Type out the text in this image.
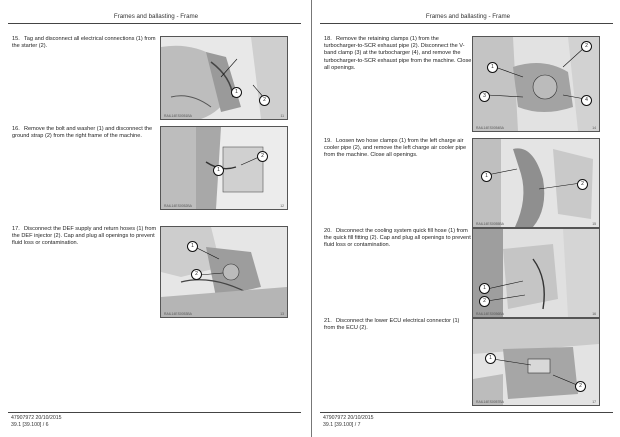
Frames and ballasting - Frame
15. Tag and disconnect all electrical connections (1) from the starter (2).
1
2
RAIL14ES0051BA	11
16. Remove the bolt and washer (1) and disconnect the ground strap (2) from the right frame of the machine.
1
2
RAIL14ES0052BA	12
17. Disconnect the DEF supply and return hoses (1) from the DEF injector (2). Cap and plug all openings to prevent fluid loss or contamination.	1
2
RAIL14ES0053BA	13
47907972 20/10/2015
39.1 [39.100] / 6
Frames and ballasting - Frame
18. Remove the retaining clamps (1) from the turbocharger-to-SCR exhaust pipe (2). Disconnect the V-band clamp (3) at the turbocharger (4), and remove the turbocharger-to-SCR exhaust pipe from the machine. Close all openings.	1
2
3
4
RAIL14ES0054BA	14
19. Loosen two hose clamps (1) from the left charge air cooler pipe (2), and remove the left charge air cooler pipe from the machine. Close all openings.
1
2
RAIL14ES0055BA	15
20. Disconnect the cooling system quick fill hose (1) from the quick fill fitting (2). Cap and plug all openings to prevent fluid loss or contamination.
1
2
RAIL14ES0056BA	16
21. Disconnect the lower ECU electrical connector (1) from the ECU (2).
1
2
RAIL14ES0057BA	17
47907972 20/10/2015
39.1 [39.100] / 7
